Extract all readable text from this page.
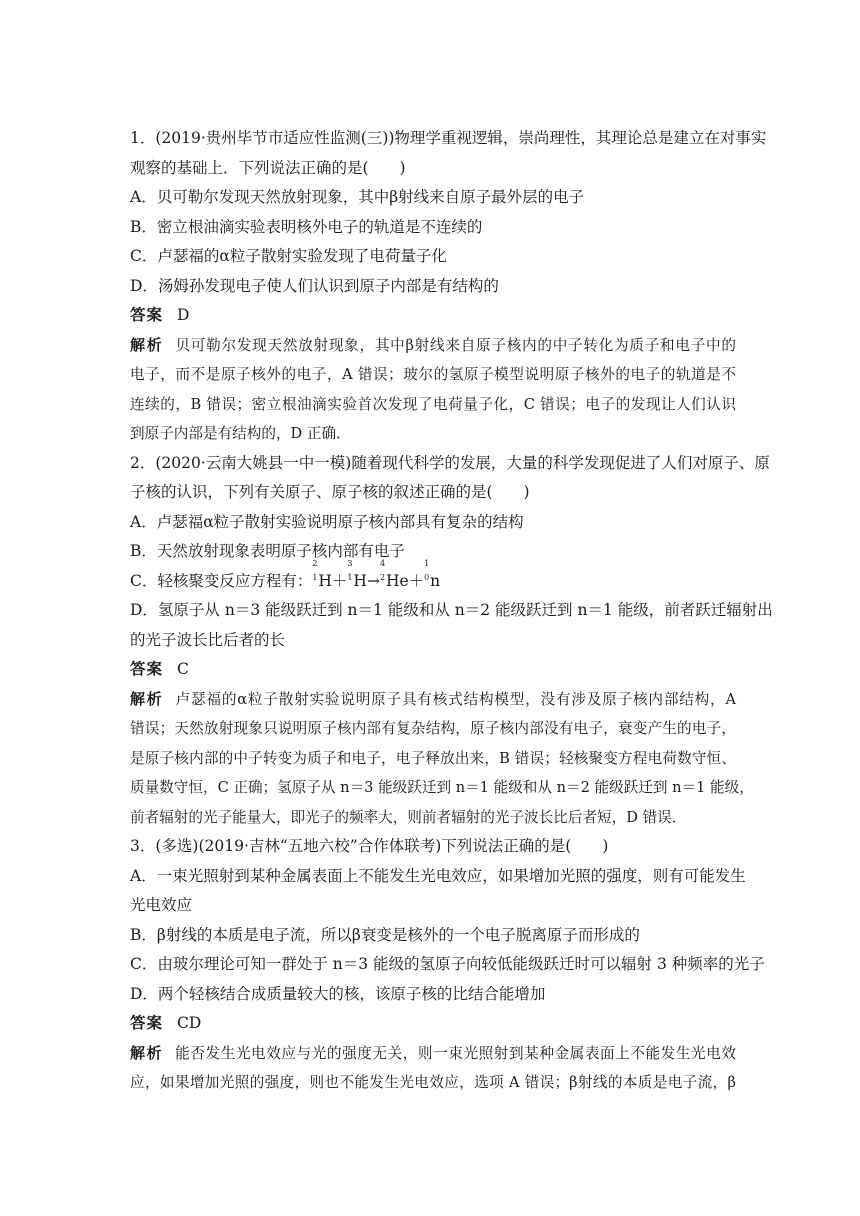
1．(2019·贵州毕节市适应性监测(三))物理学重视逻辑，崇尚理性，其理论总是建立在对事实
观察的基础上．下列说法正确的是(　　)
A．贝可勒尔发现天然放射现象，其中β射线来自原子最外层的电子
B．密立根油滴实验表明核外电子的轨道是不连续的
C．卢瑟福的α粒子散射实验发现了电荷量子化
D．汤姆孙发现电子使人们认识到原子内部是有结构的
答案 D
解析 贝可勒尔发现天然放射现象，其中β射线来自原子核内的中子转化为质子和电子中的
电子，而不是原子核外的电子，A 错误；玻尔的氢原子模型说明原子核外的电子的轨道是不
连续的，B 错误；密立根油滴实验首次发现了电荷量子化，C 错误；电子的发现让人们认识
到原子内部是有结构的，D 正确．
2．(2020·云南大姚县一中一模)随着现代科学的发展，大量的科学发现促进了人们对原子、原
子核的认识，下列有关原子、原子核的叙述正确的是(　　)
A．卢瑟福α粒子散射实验说明原子核内部具有复杂的结构
B．天然放射现象表明原子核内部有电子
C．轻核聚变反应方程有：
2
1 H＋
3
1 H→
4
2 He＋
1
0 n
D．氢原子从 n＝3 能级跃迁到 n＝1 能级和从 n＝2 能级跃迁到 n＝1 能级，前者跃迁辐射出
的光子波长比后者的长
答案 C
解析 卢瑟福的α粒子散射实验说明原子具有核式结构模型，没有涉及原子核内部结构，A
错误；天然放射现象只说明原子核内部有复杂结构，原子核内部没有电子，衰变产生的电子，
是原子核内部的中子转变为质子和电子，电子释放出来，B 错误；轻核聚变方程电荷数守恒、
质量数守恒，C 正确；氢原子从 n＝3 能级跃迁到 n＝1 能级和从 n＝2 能级跃迁到 n＝1 能级，
前者辐射的光子能量大，即光子的频率大，则前者辐射的光子波长比后者短，D 错误．
3．(多选)(2019·吉林“五地六校”合作体联考)下列说法正确的是(　　)
A．一束光照射到某种金属表面上不能发生光电效应，如果增加光照的强度，则有可能发生
光电效应
B．β射线的本质是电子流，所以β衰变是核外的一个电子脱离原子而形成的
C．由玻尔理论可知一群处于 n＝3 能级的氢原子向较低能级跃迁时可以辐射 3 种频率的光子
D．两个轻核结合成质量较大的核，该原子核的比结合能增加
答案 CD
解析 能否发生光电效应与光的强度无关，则一束光照射到某种金属表面上不能发生光电效
应，如果增加光照的强度，则也不能发生光电效应，选项 A 错误；β射线的本质是电子流，β
